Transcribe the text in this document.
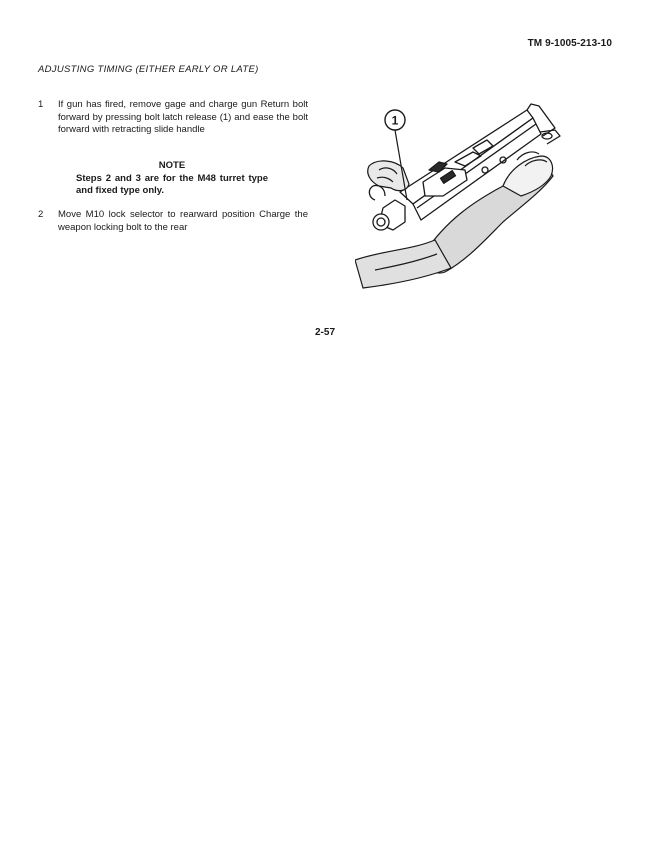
TM 9-1005-213-10
ADJUSTING TIMING (EITHER EARLY OR LATE)
1	If gun has fired, remove gage and charge gun Return bolt forward by pressing bolt latch release (1) and ease the bolt forward with retracting slide handle
NOTE
Steps 2 and 3 are for the M48 turret type and fixed type only.
2	Move M10 lock selector to rearward position Charge the weapon locking bolt to the rear
1
2-57
